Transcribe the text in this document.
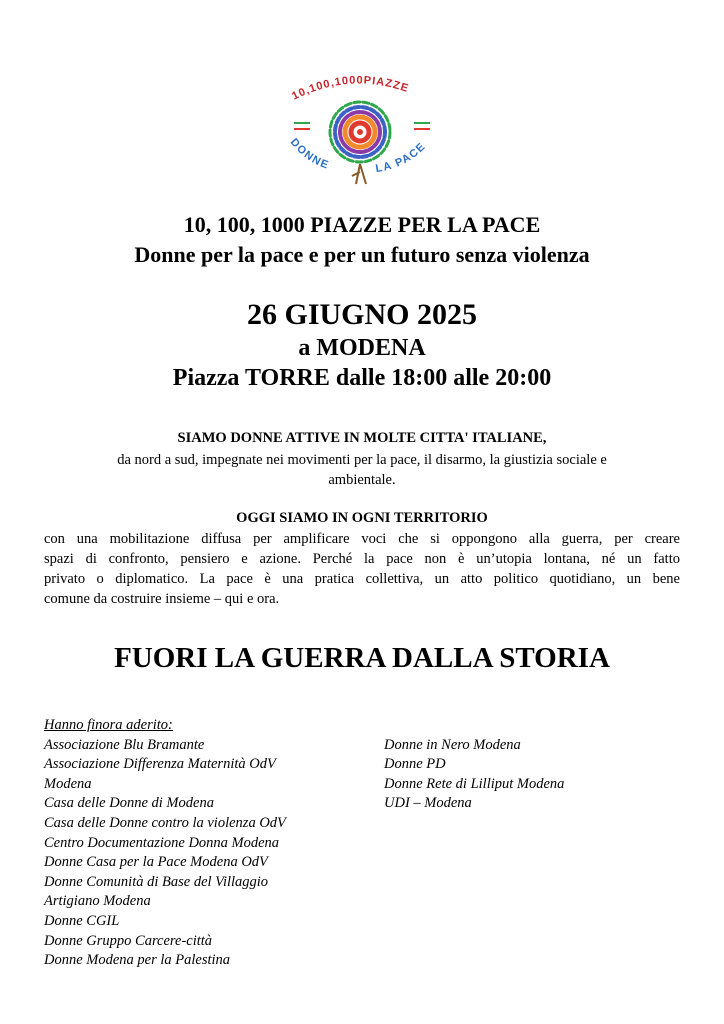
10,100,1000PIAZZE
DONNE	LA PACE
10, 100, 1000 PIAZZE PER LA PACE
Donne per la pace e per un futuro senza violenza
26 GIUGNO 2025
a MODENA
Piazza TORRE dalle 18:00 alle 20:00
SIAMO DONNE ATTIVE IN MOLTE CITTA' ITALIANE,
da nord a sud, impegnate nei movimenti per la pace, il disarmo, la giustizia sociale e
ambientale.
OGGI SIAMO IN OGNI TERRITORIO
con una mobilitazione diffusa per amplificare voci che si oppongono alla guerra, per creare
spazi di confronto, pensiero e azione. Perché la pace non è un’utopia lontana, né un fatto
privato o diplomatico. La pace è una pratica collettiva, un atto politico quotidiano, un bene
comune da costruire insieme – qui e ora.
FUORI LA GUERRA DALLA STORIA
Hanno finora aderito:
Associazione Blu Bramante
Associazione Differenza Maternità OdV
Modena
Casa delle Donne di Modena
Casa delle Donne contro la violenza OdV
Centro Documentazione Donna Modena
Donne Casa per la Pace Modena OdV
Donne Comunità di Base del Villaggio
Artigiano Modena
Donne CGIL
Donne Gruppo Carcere-città
Donne Modena per la Palestina
Donne in Nero Modena
Donne PD
Donne Rete di Lilliput Modena
UDI – Modena
